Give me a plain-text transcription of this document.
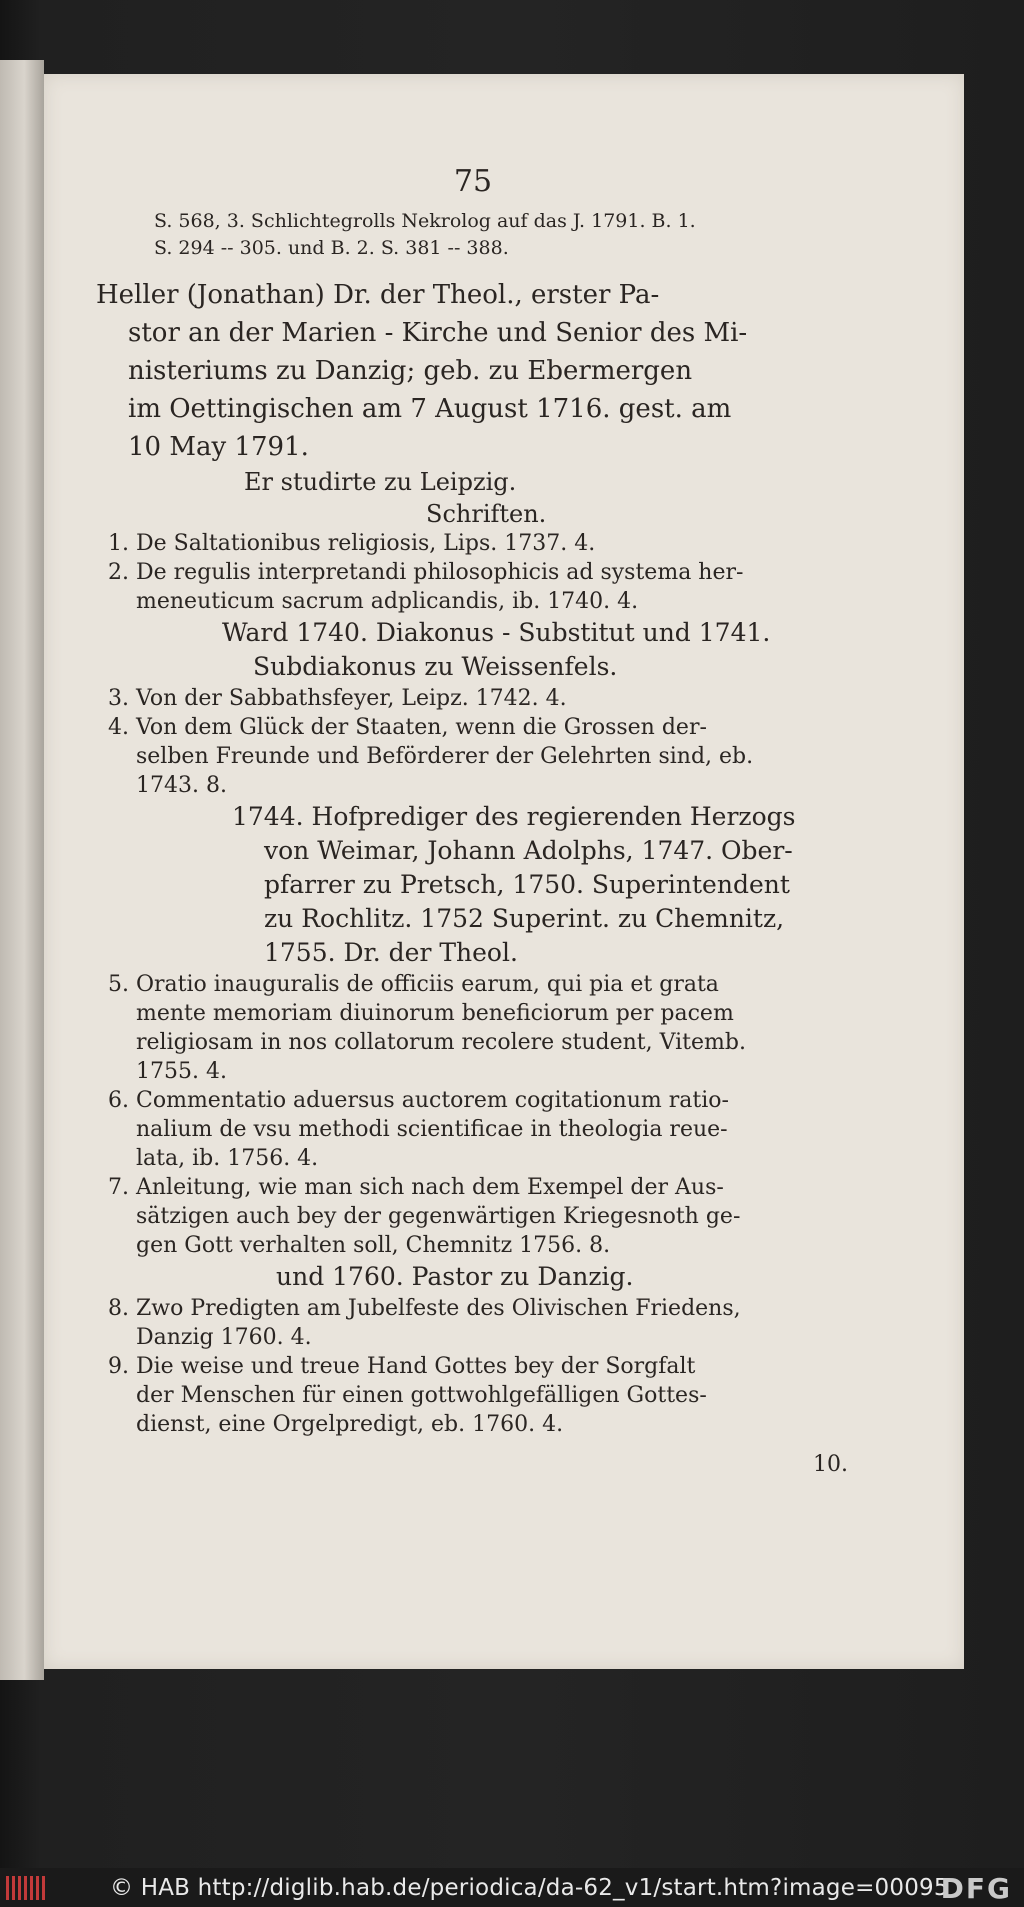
75
S. 568, 3. Schlichtegrolls Nekrolog auf das J. 1791. B. 1.
S. 294 -- 305. und B. 2. S. 381 -- 388.
Heller (Jonathan) Dr. der Theol., erster Pa-
stor an der Marien - Kirche und Senior des Mi-
nisteriums zu Danzig; geb. zu Ebermergen
im Oettingischen am 7 August 1716. gest. am
10 May 1791.
Er studirte zu Leipzig.
Schriften.
1. De Saltationibus religiosis, Lips. 1737. 4.
2. De regulis interpretandi philosophicis ad systema her-
meneuticum sacrum adplicandis, ib. 1740. 4.
Ward 1740. Diakonus - Substitut und 1741.
Subdiakonus zu Weissenfels.
3. Von der Sabbathsfeyer, Leipz. 1742. 4.
4. Von dem Glück der Staaten, wenn die Grossen der-
selben Freunde und Beförderer der Gelehrten sind, eb.
1743. 8.
1744. Hofprediger des regierenden Herzogs
von Weimar, Johann Adolphs, 1747. Ober-
pfarrer zu Pretsch, 1750. Superintendent
zu Rochlitz. 1752 Superint. zu Chemnitz,
1755. Dr. der Theol.
5. Oratio inauguralis de officiis earum, qui pia et grata
mente memoriam diuinorum beneficiorum per pacem
religiosam in nos collatorum recolere student, Vitemb.
1755. 4.
6. Commentatio aduersus auctorem cogitationum ratio-
nalium de vsu methodi scientificae in theologia reue-
lata, ib. 1756. 4.
7. Anleitung, wie man sich nach dem Exempel der Aus-
sätzigen auch bey der gegenwärtigen Kriegesnoth ge-
gen Gott verhalten soll, Chemnitz 1756. 8.
und 1760. Pastor zu Danzig.
8. Zwo Predigten am Jubelfeste des Olivischen Friedens,
Danzig 1760. 4.
9. Die weise und treue Hand Gottes bey der Sorgfalt
der Menschen für einen gottwohlgefälligen Gottes-
dienst, eine Orgelpredigt, eb. 1760. 4.
10.
© HAB http://diglib.hab.de/periodica/da-62_v1/start.htm?image=00095
DFG
